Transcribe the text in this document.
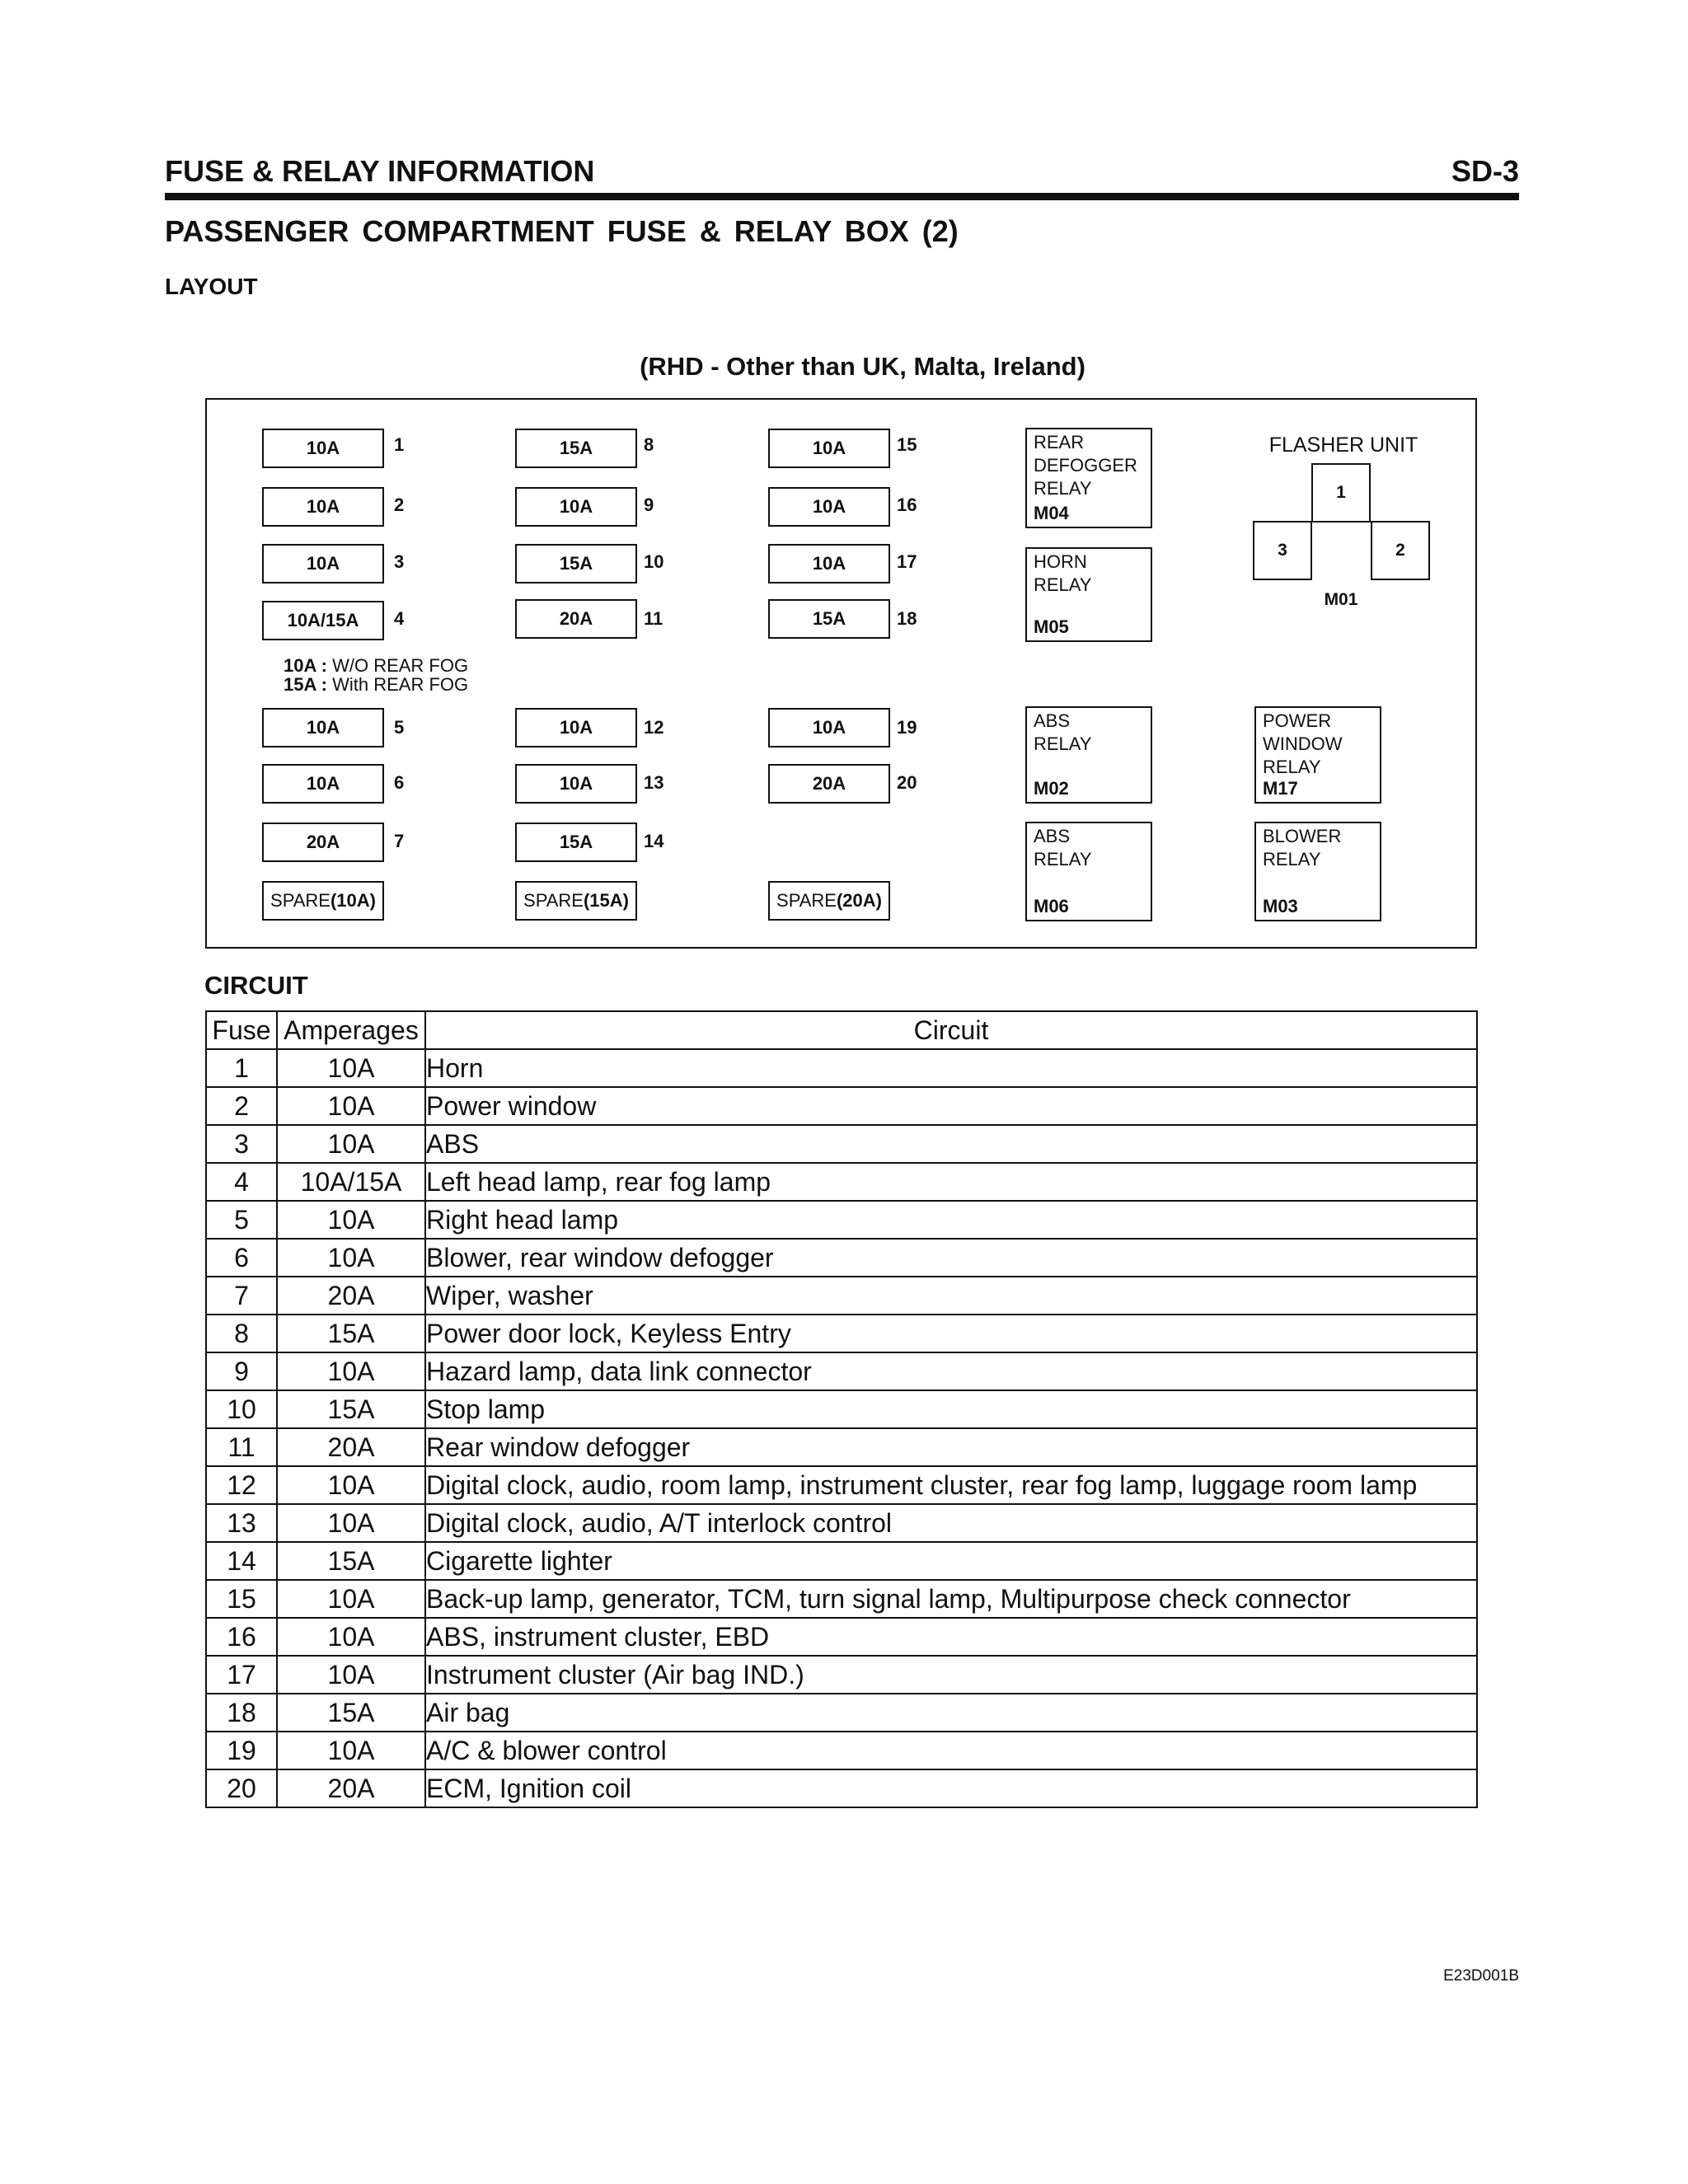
FUSE & RELAY INFORMATION	SD-3
PASSENGER COMPARTMENT FUSE & RELAY BOX (2)
LAYOUT
(RHD - Other than UK, Malta, Ireland)
10A	1
10A	2
10A	3
10A/15A	4
10A : W/O REAR FOG
15A : With REAR FOG
10A	5
10A	6
20A	7
SPARE (10A)
15A	8
10A	9
15A	10
20A	11
10A	12
10A	13
15A	14
SPARE (15A)
10A	15
10A	16
10A	17
15A	18
10A	19
20A	20
SPARE (20A)
REAR
DEFOGGER
RELAY
M04
HORN
RELAY
M05
ABS
RELAY
M02
ABS
RELAY
M06
POWER
WINDOW
RELAY
M17
BLOWER
RELAY
M03
FLASHER UNIT
3	2
1
M01
CIRCUIT
Fuse	Amperages	Circuit
1	10A	Horn
2	10A	Power window
3	10A	ABS
4	10A/15A	Left head lamp, rear fog lamp
5	10A	Right head lamp
6	10A	Blower, rear window defogger
7	20A	Wiper, washer
8	15A	Power door lock, Keyless Entry
9	10A	Hazard lamp, data link connector
10	15A	Stop lamp
11	20A	Rear window defogger
12	10A	Digital clock, audio, room lamp, instrument cluster, rear fog lamp, luggage room lamp
13	10A	Digital clock, audio, A/T interlock control
14	15A	Cigarette lighter
15	10A	Back-up lamp, generator, TCM, turn signal lamp, Multipurpose check connector
16	10A	ABS, instrument cluster, EBD
17	10A	Instrument cluster (Air bag IND.)
18	15A	Air bag
19	10A	A/C & blower control
20	20A	ECM, Ignition coil
E23D001B
